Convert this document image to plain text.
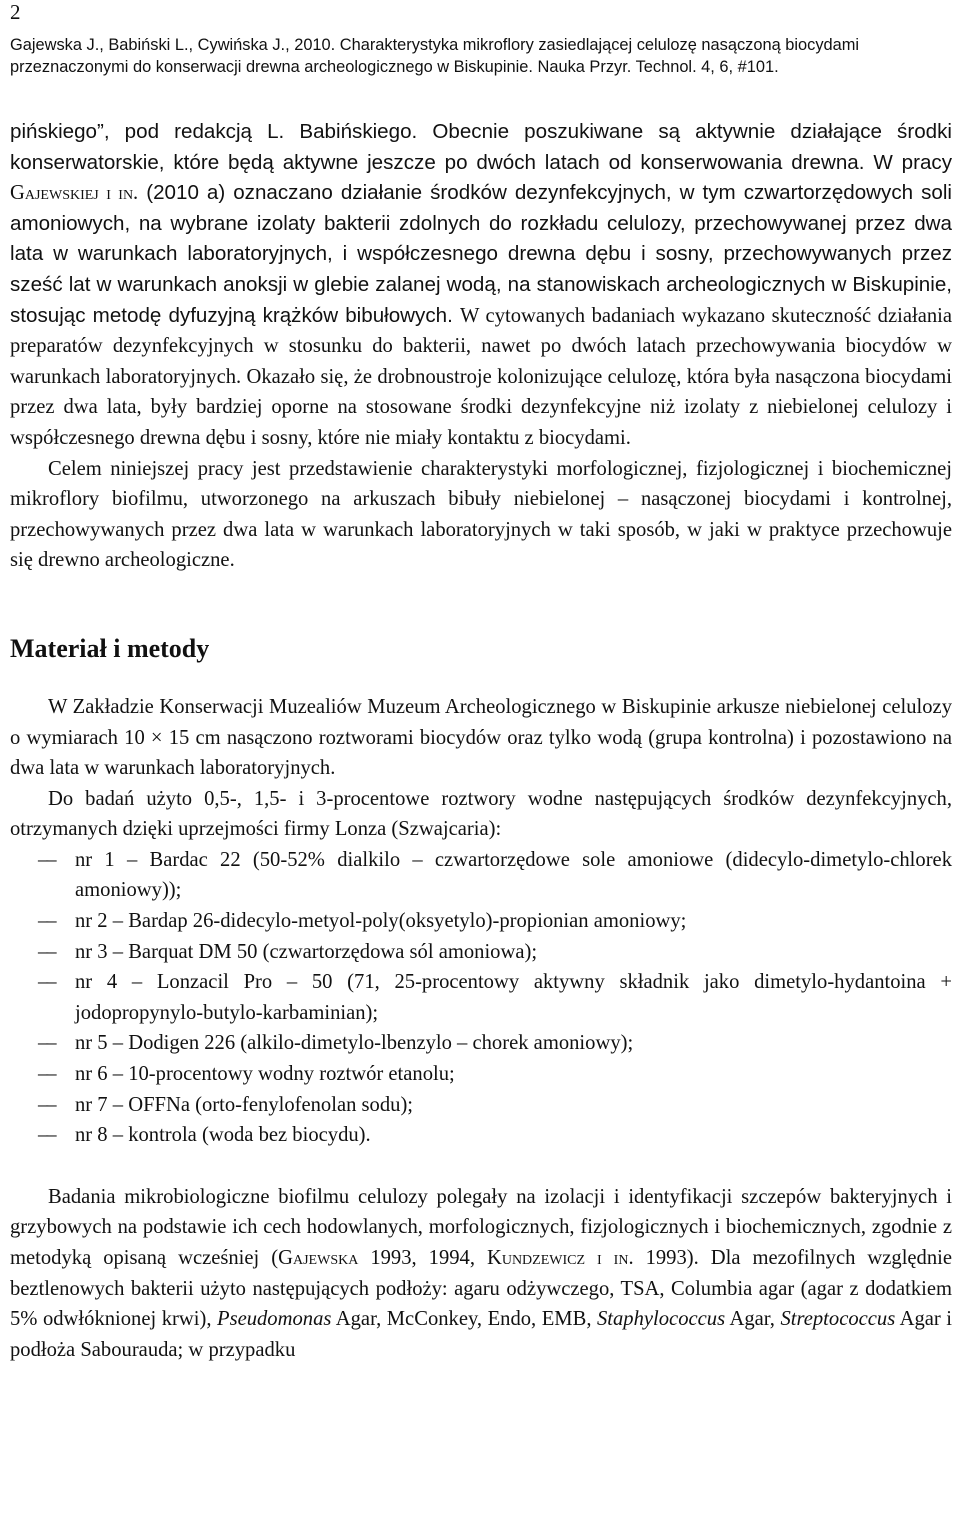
2
Gajewska J., Babiński L., Cywińska J., 2010. Charakterystyka mikroflory zasiedlającej celulozę nasączoną biocydami przeznaczonymi do konserwacji drewna archeologicznego w Biskupinie. Nauka Przyr. Technol. 4, 6, #101.

pińskiego”, pod redakcją L. Babińskiego. Obecnie poszukiwane są aktywnie działające środki konserwatorskie, które będą aktywne jeszcze po dwóch latach od konserwowania drewna. W pracy Gajewskiej i in. (2010 a) oznaczano działanie środków dezynfekcyjnych, w tym czwartorzędowych soli amoniowych, na wybrane izolaty bakterii zdolnych do rozkładu celulozy, przechowywanej przez dwa lata w warunkach laboratoryjnych, i współczesnego drewna dębu i sosny, przechowywanych przez sześć lat w warunkach anoksji w glebie zalanej wodą, na stanowiskach archeologicznych w Biskupinie, stosując metodę dyfuzyjną krążków bibułowych. W cytowanych badaniach wykazano skuteczność działania preparatów dezynfekcyjnych w stosunku do bakterii, nawet po dwóch latach przechowywania biocydów w warunkach laboratoryjnych. Okazało się, że drobnoustroje kolonizujące celulozę, która była nasączona biocydami przez dwa lata, były bardziej oporne na stosowane środki dezynfekcyjne niż izolaty z niebielonej celulozy i współczesnego drewna dębu i sosny, które nie miały kontaktu z biocydami.

Celem niniejszej pracy jest przedstawienie charakterystyki morfologicznej, fizjologicznej i biochemicznej mikroflory biofilmu, utworzonego na arkuszach bibuły niebielonej – nasączonej biocydami i kontrolnej, przechowywanych przez dwa lata w warunkach laboratoryjnych w taki sposób, w jaki w praktyce przechowuje się drewno archeologiczne.

Materiał i metody

W Zakładzie Konserwacji Muzealiów Muzeum Archeologicznego w Biskupinie arkusze niebielonej celulozy o wymiarach 10 × 15 cm nasączono roztworami biocydów oraz tylko wodą (grupa kontrolna) i pozostawiono na dwa lata w warunkach laboratoryjnych.

Do badań użyto 0,5-, 1,5- i 3-procentowe roztwory wodne następujących środków dezynfekcyjnych, otrzymanych dzięki uprzejmości firmy Lonza (Szwajcaria):

–– nr 1 – Bardac 22 (50-52% dialkilo – czwartorzędowe sole amoniowe (didecylo-dimetylo-chlorek amoniowy));
–– nr 2 – Bardap 26-didecylo-metyol-poly(oksyetylo)-propionian amoniowy;
–– nr 3 – Barquat DM 50 (czwartorzędowa sól amoniowa);
–– nr 4 – Lonzacil Pro – 50 (71, 25-procentowy aktywny składnik jako dimetylo-hydantoina + jodopropynylo-butylo-karbaminian);
–– nr 5 – Dodigen 226 (alkilo-dimetylo-lbenzylo – chorek amoniowy);
–– nr 6 – 10-procentowy wodny roztwór etanolu;
–– nr 7 – OFFNa (orto-fenylofenolan sodu);
–– nr 8 – kontrola (woda bez biocydu).

Badania mikrobiologiczne biofilmu celulozy polegały na izolacji i identyfikacji szczepów bakteryjnych i grzybowych na podstawie ich cech hodowlanych, morfologicznych, fizjologicznych i biochemicznych, zgodnie z metodyką opisaną wcześniej (Gajewska 1993, 1994, Kundzewicz i in. 1993). Dla mezofilnych względnie beztlenowych bakterii użyto następujących podłoży: agaru odżywczego, TSA, Columbia agar (agar z dodatkiem 5% odwłóknionej krwi), Pseudomonas Agar, McConkey, Endo, EMB, Staphylococcus Agar, Streptococcus Agar i podłoża Sabourauda; w przypadku
